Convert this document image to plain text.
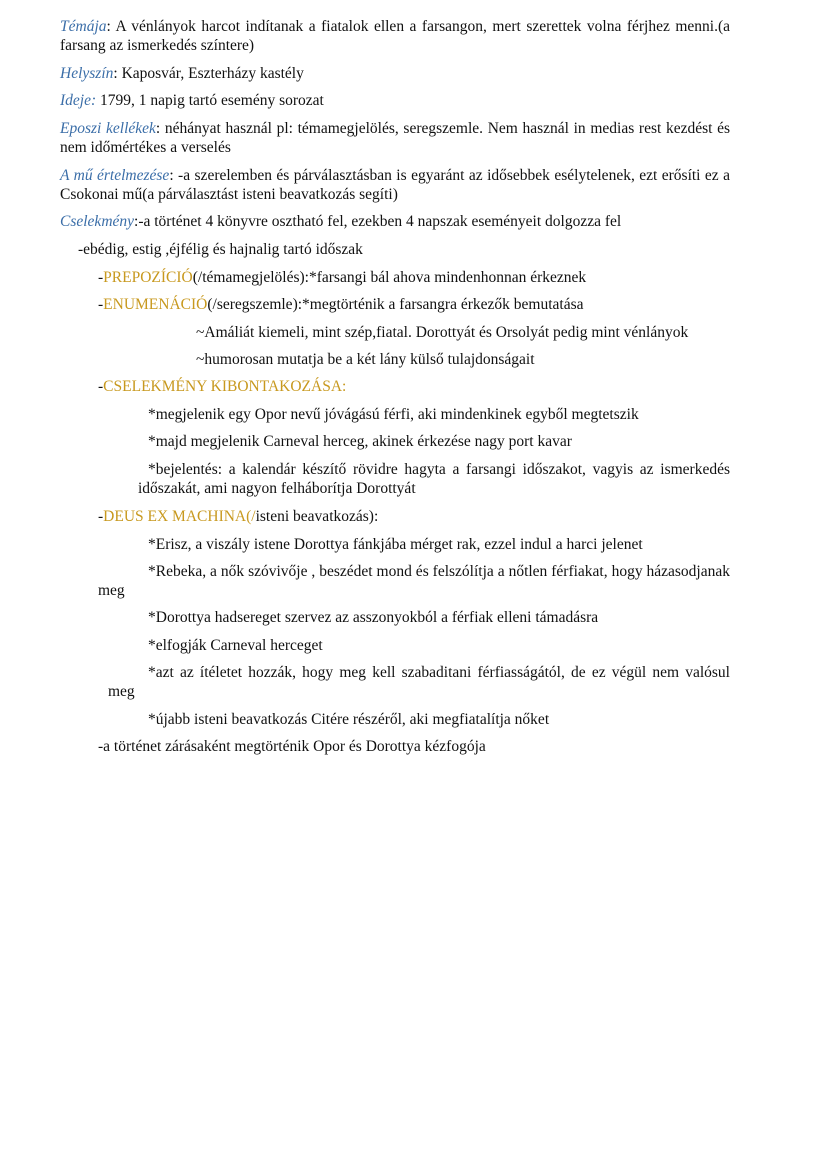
Témája: A vénlányok harcot indítanak a fiatalok ellen a farsangon, mert szerettek volna férjhez menni.(a farsang az ismerkedés színtere)

Helyszín: Kaposvár, Eszterházy kastély

Ideje: 1799, 1 napig tartó esemény sorozat

Eposzi kellékek: néhányat használ pl: témamegjelölés, seregszemle. Nem használ in medias rest kezdést és nem időmértékes a verselés

A mű értelmezése: -a szerelemben és párválasztásban is egyaránt az idősebbek esélytelenek, ezt erősíti ez a Csokonai mű(a párválasztást isteni beavatkozás segíti)

Cselekmény:-a történet 4 könyvre osztható fel, ezekben 4 napszak eseményeit dolgozza fel

-ebédig, estig ,éjfélig és hajnalig tartó időszak

-PREPOZÍCIÓ(/témamegjelölés):*farsangi bál ahova mindenhonnan érkeznek

-ENUMENÁCIÓ(/seregszemle):*megtörténik a farsangra érkezők bemutatása

~Amáliát kiemeli, mint szép,fiatal. Dorottyát és Orsolyát pedig mint vénlányok

~humorosan mutatja be a két lány külső tulajdonságait

-CSELEKMÉNY KIBONTAKOZÁSA:

*megjelenik egy Opor nevű jóvágású férfi, aki mindenkinek egyből megtetszik

*majd megjelenik Carneval herceg, akinek érkezése nagy port kavar

*bejelentés: a kalendár készítő rövidre hagyta a farsangi időszakot, vagyis az ismerkedés időszakát, ami nagyon felháborítja Dorottyát

-DEUS EX MACHINA(/isteni beavatkozás):

*Erisz, a viszály istene Dorottya fánkjába mérget rak, ezzel indul a harci jelenet

*Rebeka, a nők szóvivője , beszédet mond és felszólítja a nőtlen férfiakat, hogy házasodjanak meg

*Dorottya hadsereget szervez az asszonyokból a férfiak elleni támadásra

*elfogják Carneval herceget

*azt az ítéletet hozzák, hogy meg kell szabaditani férfiasságától, de ez végül nem valósul meg

*újabb isteni beavatkozás Citére részéről, aki megfiatalítja nőket

-a történet zárásaként megtörténik Opor és Dorottya kézfogója
